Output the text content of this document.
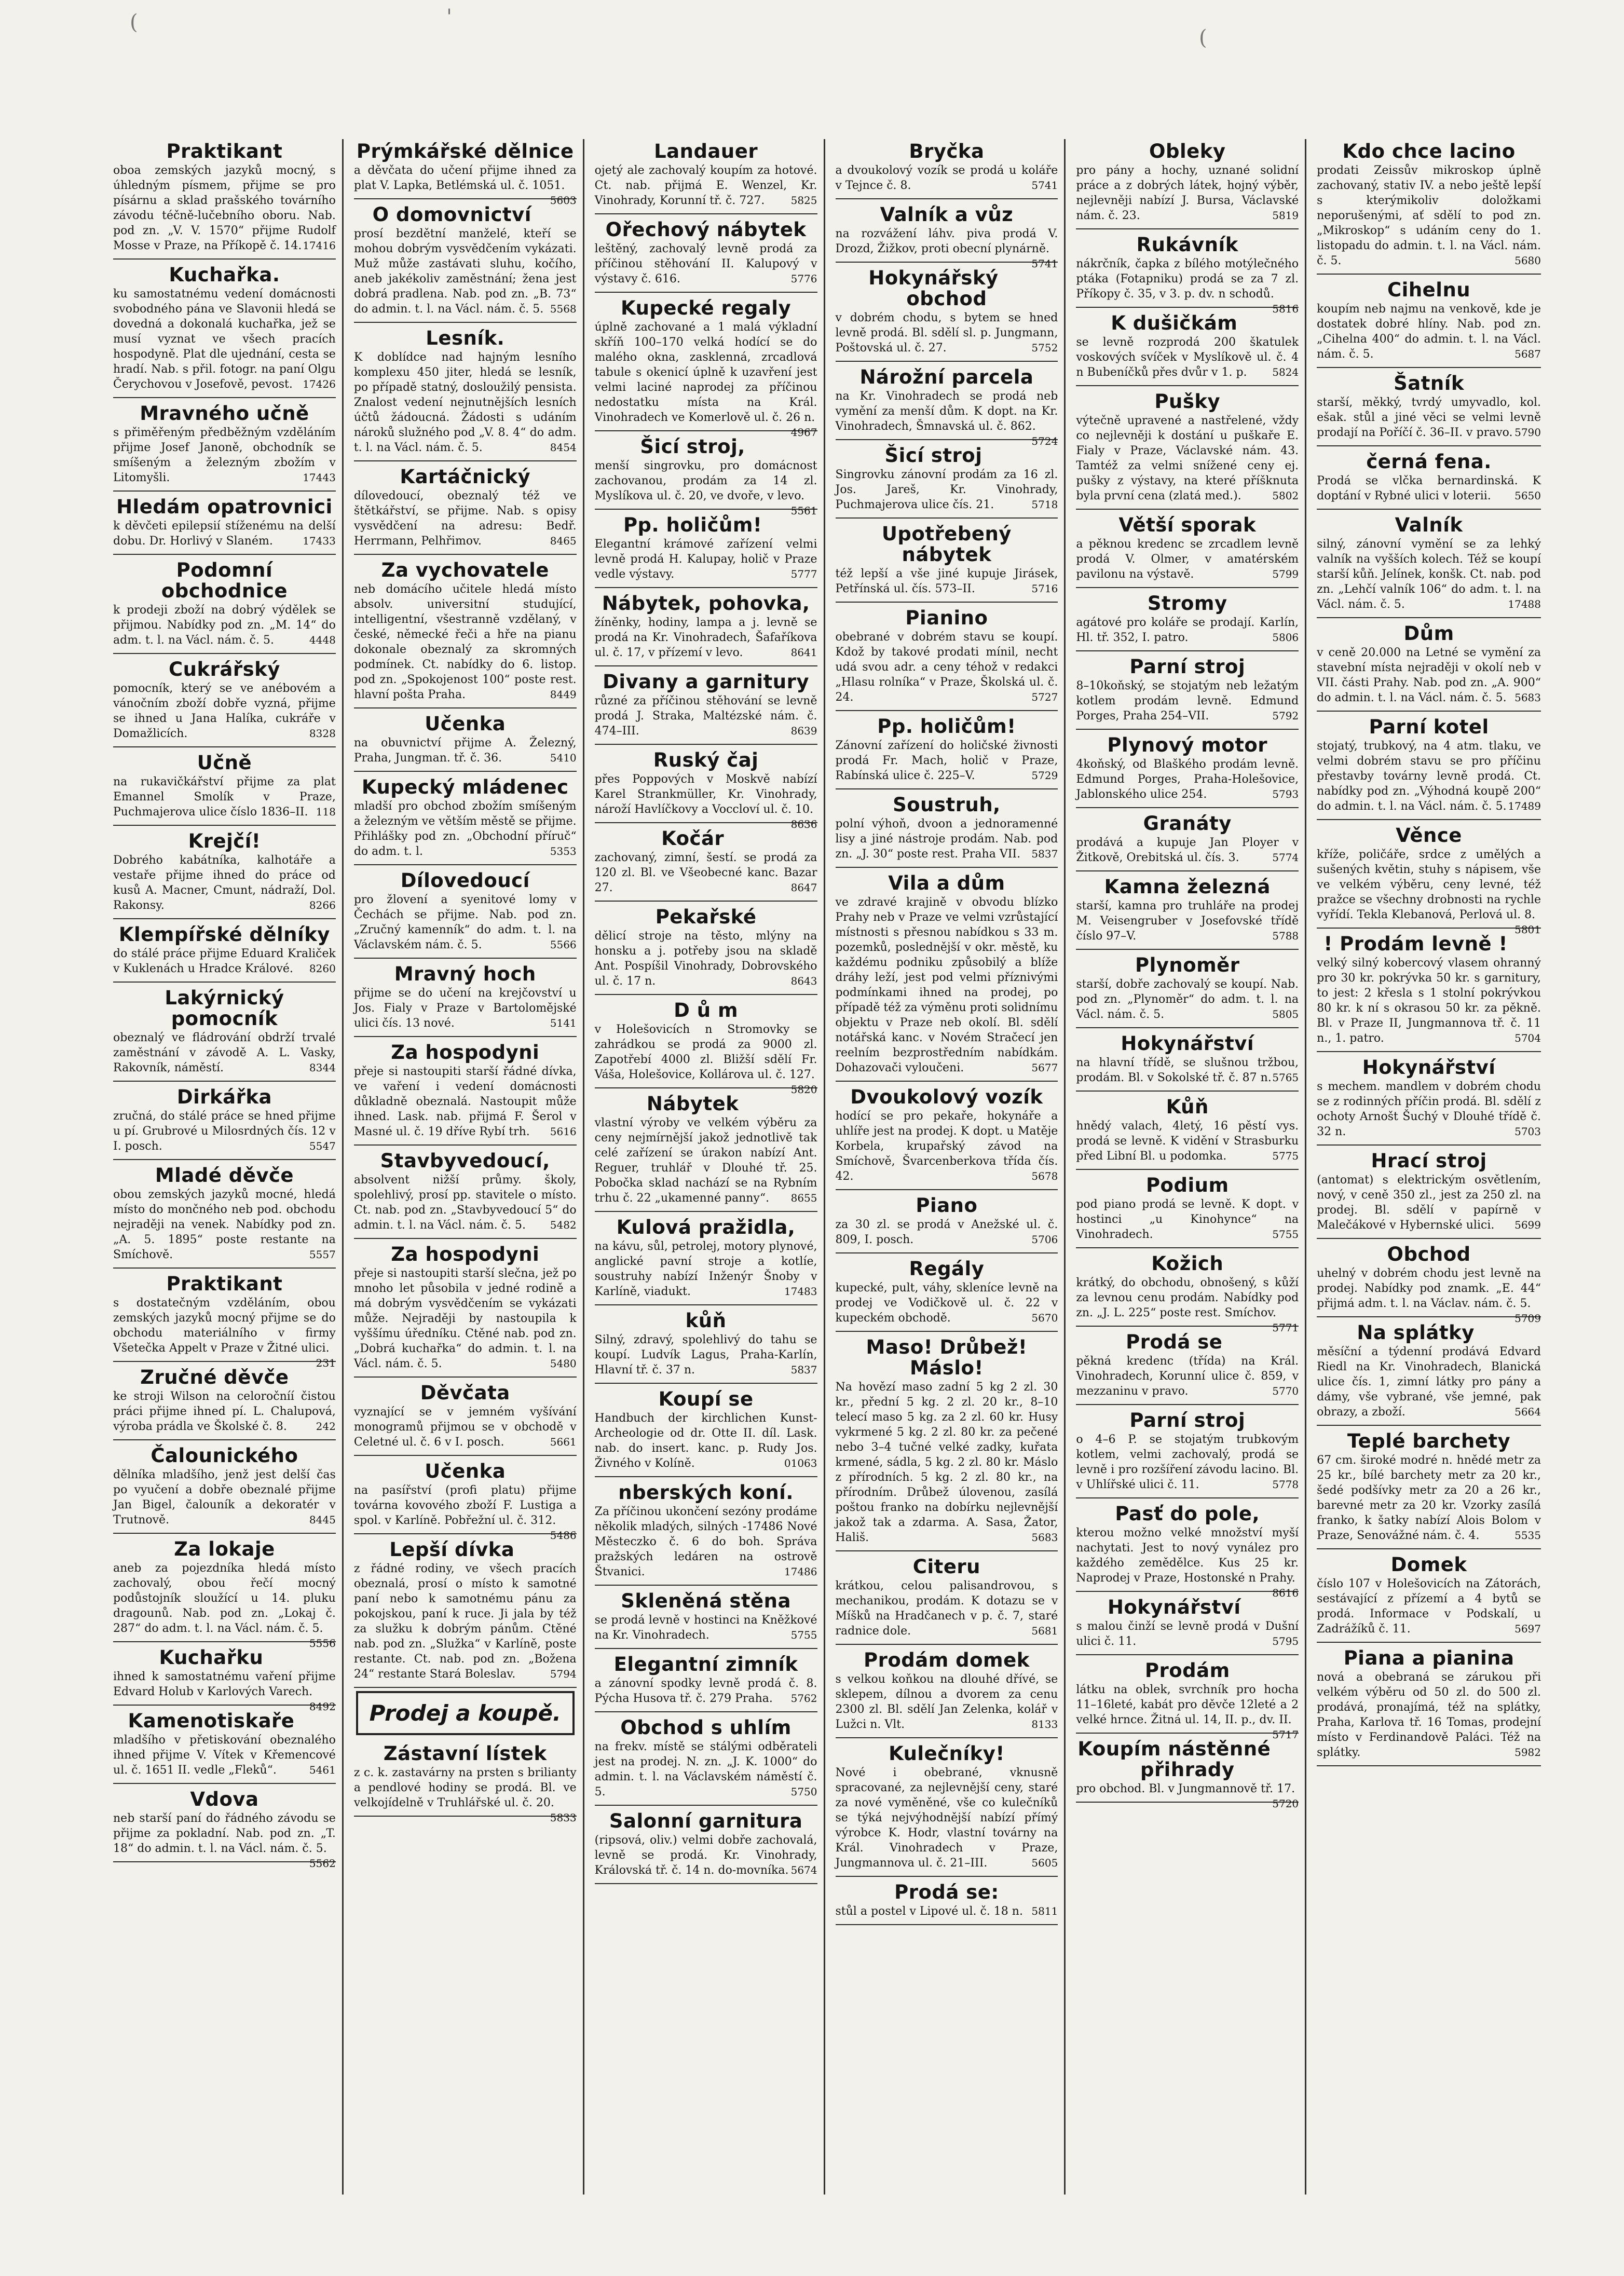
(	'
(
Praktikant

oboa zemských jazyků mocný, s úhledným písmem, přijme se pro písárnu a sklad prašského továrního závodu téčně-lučebního oboru. Nab. pod zn. „V. V. 1570“ přijme Rudolf Mosse v Praze, na Příkopě č. 14. 17416

Kuchařka.

ku samostatnému vedení domácnosti svobodného pána ve Slavonii hledá se dovedná a dokonalá kuchařka, jež se musí vyznat ve všech pracích hospodyně. Plat dle ujednání, cesta se hradí. Nab. s přil. fotogr. na paní Olgu Čerychovou v Josefově, pevost. 17426

Mravného učně

s přiměřeným předběžným vzděláním přijme Josef Janoně, obchodník se smíšeným a železným zbožím v Litomyšli.	17443

Hledám opatrovnici

k děvčeti epilepsií stíženému na delší dobu. Dr. Horlivý v Slaném.	17433

Podomní obchodnice

k prodeji zboží na dobrý výdělek se přijmou. Nabídky pod zn. „M. 14“ do adm. t. l. na Václ. nám. č. 5.	4448

Cukrářský

pomocník, který se ve anébovém a vánočním zboží dobře vyzná, přijme se ihned u Jana Halíka, cukráře v Domažlicích.	8328

Učně

na rukavičkářství přijme za plat Emannel Smolík v Praze, Puchmajerova ulice číslo 1836–II. 118

Krejčí!

Dobrého kabátníka, kalhotáře a vestaře přijme ihned do práce od kusů A. Macner, Cmunt, nádraží, Dol. Rakonsy.	8266

Klempířské dělníky

do stálé práce přijme Eduard Kraliček v Kuklenách u Hradce Králové. 8260

Lakýrnický pomocník

obeznalý ve fládrování obdrží trvalé zaměstnání v závodě A. L. Vasky, Rakovník, náměstí.	8344

Dirkářka

zručná, do stálé práce se hned přijme u pí. Grubrové u Milosrdných čís. 12 v I. posch.	5547

Mladé děvče

obou zemských jazyků mocné, hledá místo do mončného neb pod. obchodu nejraději na venek. Nabídky pod zn. „A. 5. 1895“ poste restante na Smíchově.	5557

Praktikant

s dostatečným vzděláním, obou zemských jazyků mocný přijme se do obchodu materiálního v firmy Všetečka Appelt v Praze v Žitné ulici.
231

Zručné děvče

ke stroji Wilson na celoročníí čistou práci přijme ihned pí. L. Chalupová, výroba prádla ve Školské č. 8.	242

Čalounického

dělníka mladšího, jenž jest delší čas po vyučení a dobře obeznalé přijme Jan Bigel, čalouník a dekoratér v Trutnově.	8445

Za lokaje

aneb za pojezdníka hledá místo zachovalý, obou řečí mocný podůstojník sloužící u 14. pluku dragounů. Nab. pod zn. „Lokaj č. 287“ do adm. t. l. na Václ. nám. č. 5.
5556

Kuchařku

ihned k samostatnému vaření přijme Edvard Holub v Karlových Varech.
8492

Kamenotiskaře

mladšího v přetiskování obeznalého ihned přijme V. Vítek v Křemencové ul. č. 1651 II. vedle „Fleků“.	5461

Vdova

neb starší paní do řádného závodu se přijme za pokladní. Nab. pod zn. „T. 18“ do admin. t. l. na Václ. nám. č. 5.
5562

Prýmkářské dělnice

a děvčata do učení přijme ihned za plat V. Lapka, Betlémská ul. č. 1051.
5603

O domovnictví

prosí bezdětní manželé, kteří se mohou dobrým vysvědčením vykázati. Muž může zastávati sluhu, kočího, aneb jakékoliv zaměstnání; žena jest dobrá pradlena. Nab. pod zn. „B. 73“ do admin. t. l. na Václ. nám. č. 5. 5568

Lesník.

K doblídce nad hajným lesního komplexu 450 jiter, hledá se lesník, po případě statný, dosloužilý pensista. Znalost vedení nejnutnějších lesních účtů žádoucná. Žádosti s udáním nároků služného pod „V. 8. 4“ do adm. t. l. na Václ. nám. č. 5.	8454

Kartáčnický

dílovedoucí, obeznalý též ve štětkářství, se přijme. Nab. s opisy vysvědčení na adresu: Bedř. Herrmann, Pelhřimov.	8465

Za vychovatele

neb domácího učitele hledá místo absolv. universitní studující, intelligentní, všestranně vzdělaný, v české, německé řeči a hře na pianu dokonale obeznalý za skromných podmínek. Ct. nabídky do 6. listop. pod zn. „Spokojenost 100“ poste rest. hlavní pošta Praha.	8449

Učenka

na obuvnictví přijme A. Železný, Praha, Jungman. tř. č. 36.	5410

Kupecký mládenec

mladší pro obchod zbožím smíšeným a železným ve větším městě se přijme. Přihlášky pod zn. „Obchodní příruč“ do adm. t. l.	5353

Dílovedoucí

pro žlovení a syenitové lomy v Čechách se přijme. Nab. pod zn. „Zručný kamenník“ do adm. t. l. na Václavském nám. č. 5.	5566

Mravný hoch

přijme se do učení na krejčovství u Jos. Fialy v Praze v Bartolomějské ulici čís. 13 nové.	5141

Za hospodyni

přeje si nastoupiti starší řádné dívka, ve vaření i vedení domácnosti důkladně obeznalá. Nastoupit může ihned. Lask. nab. přijmá F. Šerol v Masné ul. č. 19 dříve Rybí trh. 5616

Stavbyvedoucí,

absolvent nižší průmy. školy, spolehlivý, prosí pp. stavitele o místo. Ct. nab. pod zn. „Stavbyvedoucí 5“ do admin. t. l. na Václ. nám. č. 5. 5482

Za hospodyni

přeje si nastoupiti starší slečna, jež po mnoho let působila v jedné rodině a má dobrým vysvědčením se vykázati může. Nejraději by nastoupila k vyššímu úředníku. Ctěné nab. pod zn. „Dobrá kuchařka“ do admin. t. l. na Václ. nám. č. 5.	5480

Děvčata

vyznající se v jemném vyšívání monogramů přijmou se v obchodě v Celetné ul. č. 6 v I. posch.	5661

Učenka

na pasířství (profi platu) přijme továrna kovového zboží F. Lustiga a spol. v Karlíně. Pobřežní ul. č. 312.
5486

Lepší dívka

z řádné rodiny, ve všech pracích obeznalá, prosí o místo k samotné paní nebo k samotnému pánu za pokojskou, paní k ruce. Ji jala by též za služku k dobrým pánům. Ctěné nab. pod zn. „Služka“ v Karlíně, poste restante. Ct. nab. pod zn. „Božena 24“ restante Stará Boleslav.	5794

Prodej a koupě.
Zástavní lístek

z c. k. zastavárny na prsten s brilianty a pendlové hodiny se prodá. Bl. ve velkojídelně v Truhlářské ul. č. 20.
5833

Landauer

ojetý ale zachovalý koupím za hotové. Ct. nab. přijmá E. Wenzel, Kr. Vinohrady, Korunní tř. č. 727.	5825

Ořechový nábytek

leštěný, zachovalý levně prodá za příčinou stěhování II. Kalupový v výstavy č. 616.	5776

Kupecké regaly

úplně zachované a 1 malá výkladní skříň 100–170 velká hodící se do malého okna, zasklenná, zrcadlová tabule s okenicí úplně k uzavření jest velmi laciné naprodej za příčinou nedostatku místa na Král. Vinohradech ve Komerlově ul. č. 26 n.
4967

Šicí stroj,

menší singrovku, pro domácnost zachovanou, prodám za 14 zl. Myslíkova ul. č. 20, ve dvoře, v levo.
5561

Pp. holičům!

Elegantní krámové zařízení velmi levně prodá H. Kalupay, holič v Praze vedle výstavy.	5777

Nábytek, pohovka,

žíněnky, hodiny, lampa a j. levně se prodá na Kr. Vinohradech, Šafaříkova ul. č. 17, v přízemí v levo.	8641

Divany a garnitury

různé za příčinou stěhování se levně prodá J. Straka, Maltézské nám. č. 474–III.	8639

Ruský čaj

přes Poppových v Moskvě nabízí Karel Strankmüller, Kr. Vinohrady, nároží Havlíčkovy a Voccloví ul. č. 10.
8636

Kočár

zachovaný, zimní, šestí. se prodá za 120 zl. Bl. ve Všeobecné kanc. Bazar 27.	8647

Pekařské

dělicí stroje na těsto, mlýny na honsku a j. potřeby jsou na skladě Ant. Pospíšil Vinohrady, Dobrovského ul. č. 17 n.	8643

D ů m

v Holešovicích n Stromovky se zahrádkou se prodá za 9000 zl. Zapotřebí 4000 zl. Bližší sdělí Fr. Váša, Holešovice, Kollárova ul. č. 127.
5820

Nábytek

vlastní výroby ve velkém výběru za ceny nejmírnější jakož jednotlivě tak celé zařízení se úrakon nabízí Ant. Reguer, truhlář v Dlouhé tř. 25. Pobočka sklad nachází se na Rybním trhu č. 22 „ukamenné panny“. 8655

Kulová pražidla,

na kávu, sůl, petrolej, motory plynové, anglické pavní stroje a kotlíe, soustruhy nabízí Inženýr Šnoby v Karlíně, viadukt.	17483

kůň

Silný, zdravý, spolehlivý do tahu se koupí. Ludvík Lagus, Praha-Karlín, Hlavní tř. č. 37 n.	5837

Koupí se

Handbuch der kirchlichen Kunst-Archeologie od dr. Otte II. díl. Lask. nab. do insert. kanc. p. Rudy Jos. Živného v Kolíně.	01063

nberských koní.

Za příčinou ukončení sezóny prodáme několik mladých, silných -17486 Nové Městeczko č. 6 do boh. Správa pražských ledáren na ostrově Štvanici.	17486

Skleněná stěna

se prodá levně v hostinci na Kněžkové na Kr. Vinohradech.	5755

Elegantní zimník

a zánovní spodky levně prodá č. 8. Pýcha Husova tř. č. 279 Praha. 5762

Obchod s uhlím

na frekv. místě se stálými odběrateli jest na prodej. N. zn. „J. K. 1000“ do admin. t. l. na Václavském náměstí č. 5.	5750

Salonní garnitura

(ripsová, oliv.) velmi dobře zachovalá, levně se prodá. Kr. Vinohrady, Královská tř. č. 14 n. do-movníka. 5674

Bryčka

a dvoukolový vozík se prodá u koláře v Tejnce č. 8.	5741

Valník a vůz

na rozvážení láhv. piva prodá V. Drozd, Žižkov, proti obecní plynárně.
5741

Hokynářský obchod

v dobrém chodu, s bytem se hned levně prodá. Bl. sdělí sl. p. Jungmann, Poštovská ul. č. 27.	5752

Nárožní parcela

na Kr. Vinohradech se prodá neb vymění za menší dům. K dopt. na Kr. Vinohradech, Šmnavská ul. č. 862.
5724

Šicí stroj

Singrovku zánovní prodám za 16 zl. Jos. Jareš, Kr. Vinohrady, Puchmajerova ulice čís. 21.	5718

Upotřebený nábytek

též lepší a vše jiné kupuje Jirásek, Petřínská ul. čís. 573–II.	5716

Pianino

obebrané v dobrém stavu se koupí. Kdož by takové prodati mínil, necht udá svou adr. a ceny téhož v redakci „Hlasu rolníka“ v Praze, Školská ul. č. 24.	5727

Pp. holičům!

Zánovní zařízení do holičské živnosti prodá Fr. Mach, holič v Praze, Rabínská ulice č. 225–V.	5729

Soustruh,

polní výhoň, dvoon a jednoramenné lisy a jiné nástroje prodám. Nab. pod zn. „J. 30“ poste rest. Praha VII. 5837

Vila a dům

ve zdravé krajině v obvodu blízko Prahy neb v Praze ve velmi vzrůstající místnosti s přesnou nabídkou s 33 m. pozemků, poslednější v okr. městě, ku každému podniku způsobilý a blíže dráhy leží, jest pod velmi příznivými podmínkami ihned na prodej, po případě též za výměnu proti solidnímu objektu v Praze neb okolí. Bl. sdělí notářská kanc. v Novém Stračecí jen reelním bezprostředním nabídkám. Dohazovači vyloučeni.	5677

Dvoukolový vozík

hodící se pro pekaře, hokynáře a uhlíře jest na prodej. K dopt. u Matěje Korbela, krupařský závod na Smíchově, Švarcenberkova třída čís. 42.	5678

Piano

za 30 zl. se prodá v Anežské ul. č. 809, I. posch.	5706

Regály

kupecké, pult, váhy, skleníce levně na prodej ve Vodičkově ul. č. 22 v kupeckém obchodě.	5670

Maso! Drůbež! Máslo!

Na hovězí maso zadní 5 kg 2 zl. 30 kr., přední 5 kg. 2 zl. 20 kr., 8–10 telecí maso 5 kg. za 2 zl. 60 kr. Husy vykrmené 5 kg. 2 zl. 80 kr. za pečené nebo 3–4 tučné velké zadky, kuřata krmené, sádla, 5 kg. 2 zl. 80 kr. Máslo z přírodních. 5 kg. 2 zl. 80 kr., na přírodním. Drůbež úlovenou, zasílá poštou franko na dobírku nejlevnější jakož tak a zdarma. A. Sasa, Žator, Hališ.	5683

Citeru

krátkou, celou palisandrovou, s mechanikou, prodám. K dotazu se v Míšků na Hradčanech v p. č. 7, staré radnice dole.	5681

Prodám domek

s velkou koňkou na dlouhé dřívé, se sklepem, dílnou a dvorem za cenu 2300 zl. Bl. sdělí Jan Zelenka, kolář v Lužci n. Vlt.	8133

Kulečníky!

Nové i obebrané, vknusně spracované, za nejlevnější ceny, staré za nové vyměněné, vše co kulečníků se týká nejvýhodnější nabízí přímý výrobce K. Hodr, vlastní továrny na Král. Vinohradech v Praze, Jungmannova ul. č. 21–III.	5605

Prodá se:

stůl a postel v Lipové ul. č. 18 n. 5811

Obleky

pro pány a hochy, uznané solidní práce a z dobrých látek, hojný výběr, nejlevněji nabízí J. Bursa, Václavské nám. č. 23.	5819

Rukávník

nákrčník, čapka z bílého motýlečného ptáka (Fotapniku) prodá se za 7 zl. Příkopy č. 35, v 3. p. dv. n schodů.
5816

K dušičkám

se levně rozprodá 200 škatulek voskových svíček v Myslíkově ul. č. 4 n Bubeníčků přes dvůr v 1. p. 5824

Pušky

výtečně upravené a nastřelené, vždy co nejlevněji k dostání u puškaře E. Fialy v Praze, Václavské nám. 43. Tamtéž za velmi snížené ceny ej. pušky z výstavy, na které příšknuta byla první cena (zlatá med.).	5802

Větší sporak

a pěknou kredenc se zrcadlem levně prodá V. Olmer, v amatérském pavilonu na výstavě.	5799

Stromy

agátové pro koláře se prodají. Karlín, Hl. tř. 352, I. patro.	5806

Parní stroj

8–10koňský, se stojatým neb ležatým kotlem prodám levně. Edmund Porges, Praha 254–VII.	5792

Plynový motor

4koňský, od Blaškého prodám levně. Edmund Porges, Praha-Holešovice, Jablonského ulice 254.	5793

Granáty

prodává a kupuje Jan Ployer v Žitkově, Orebitská ul. čís. 3.	5774

Kamna železná

starší, kamna pro truhláře na prodej M. Veisengruber v Josefovské třídě číslo 97–V.	5788

Plynoměr

starší, dobře zachovalý se koupí. Nab. pod zn. „Plynoměr“ do adm. t. l. na Václ. nám. č. 5.	5805

Hokynářství

na hlavní třídě, se slušnou tržbou, prodám. Bl. v Sokolské tř. č. 87 n. 5765

Kůň

hnědý valach, 4letý, 16 pěstí vys. prodá se levně. K vidění v Strasburku před Libní Bl. u podomka.	5775

Podium

pod piano prodá se levně. K dopt. v hostinci „u Kinohynce“ na Vinohradech.	5755

Kožich

krátký, do obchodu, obnošený, s kůží za levnou cenu prodám. Nabídky pod zn. „J. L. 225“ poste rest. Smíchov.
5771

Prodá se

pěkná kredenc (třída) na Král. Vinohradech, Korunní ulice č. 859, v mezzaninu v pravo.	5770

Parní stroj

o 4–6 P. se stojatým trubkovým kotlem, velmi zachovalý, prodá se levně i pro rozšíření závodu lacino. Bl. v Uhlířské ulici č. 11.	5778

Pasť do pole,

kterou možno velké množství myší nachytati. Jest to nový vynález pro každého zemědělce. Kus 25 kr. Naprodej v Praze, Hostonské n Prahy.
8616

Hokynářství

s malou činží se levně prodá v Dušní ulici č. 11.	5795

Prodám

látku na oblek, svrchník pro hocha 11–16leté, kabát pro děvče 12leté a 2 velké hrnce. Žitná ul. 14, II. p., dv. II.
5717

Koupím nástěnné přihrady

pro obchod. Bl. v Jungmannově tř. 17.
5720

Kdo chce lacino

prodati Zeissův mikroskop úplně zachovaný, stativ IV. a nebo ještě lepší s kterýmikoliv doložkami neporušenými, ať sdělí to pod zn. „Mikroskop“ s udáním ceny do 1. listopadu do admin. t. l. na Václ. nám. č. 5.	5680

Cihelnu

koupím neb najmu na venkově, kde je dostatek dobré hlíny. Nab. pod zn. „Cihelna 400“ do admin. t. l. na Václ. nám. č. 5.	5687

Šatník

starší, měkký, tvrdý umyvadlo, kol. ešak. stůl a jiné věci se velmi levně prodají na Poříčí č. 36–II. v pravo. 5790

černá fena.

Prodá se vlčka bernardinská. K doptání v Rybné ulici v loterii. 5650

Valník

silný, zánovní vymění se za lehký valník na vyšších kolech. Též se koupí starší kůň. Jelínek, konšk. Ct. nab. pod zn. „Lehčí valník 106“ do adm. t. l. na Václ. nám. č. 5.	17488

Dům

v ceně 20.000 na Letné se vymění za stavební místa nejraději v okolí neb v VII. části Prahy. Nab. pod zn. „A. 900“ do admin. t. l. na Václ. nám. č. 5. 5683

Parní kotel

stojatý, trubkový, na 4 atm. tlaku, ve velmi dobrém stavu se pro příčinu přestavby továrny levně prodá. Ct. nabídky pod zn. „Výhodná koupě 200“ do admin. t. l. na Václ. nám. č. 5. 17489

Věnce

kříže, poličáře, srdce z umělých a sušených květin, stuhy s nápisem, vše ve velkém výběru, ceny levné, též pražce se všechny drobnosti na rychle vyřídí. Tekla Klebanová, Perlová ul. 8.
5801

! Prodám levně !

velký silný kobercový vlasem ohranný pro 30 kr. pokrývka 50 kr. s garnitury, to jest: 2 křesla s 1 stolní pokrývkou 80 kr. k ní s okrasou 50 kr. za pěkně. Bl. v Praze II, Jungmannova tř. č. 11 n., 1. patro.	5704

Hokynářství

s mechem. mandlem v dobrém chodu se z rodinných příčin prodá. Bl. sdělí z ochoty Arnošt Šuchý v Dlouhé třídě č. 32 n.	5703

Hrací stroj

(antomat) s elektrickým osvětlením, nový, v ceně 350 zl., jest za 250 zl. na prodej. Bl. sdělí v papírně v Malečákové v Hybernské ulici. 5699

Obchod

uhelný v dobrém chodu jest levně na prodej. Nabídky pod znamk. „E. 44“ přijmá adm. t. l. na Václav. nám. č. 5.
5709

Na splátky

měsíční a týdenní prodává Edvard Riedl na Kr. Vinohradech, Blanická ulice čís. 1, zimní látky pro pány a dámy, vše vybrané, vše jemné, pak obrazy, a zboží.	5664

Teplé barchety

67 cm. široké modré n. hnědé metr za 25 kr., bílé barchety metr za 20 kr., šedé podšívky metr za 20 a 26 kr., barevné metr za 20 kr. Vzorky zasílá franko, k šatky nabízí Alois Bolom v Praze, Senovážné nám. č. 4.	5535

Domek

číslo 107 v Holešovicích na Zátorách, sestávající z přízemí a 4 bytů se prodá. Informace v Podskalí, u Zadrážíků č. 11.	5697

Piana a pianina

nová a obebraná se zárukou při velkém výběru od 50 zl. do 500 zl. prodává, pronajímá, též na splátky, Praha, Karlova tř. 16 Tomas, prodejní místo v Ferdinandově Paláci. Též na splátky.	5982
